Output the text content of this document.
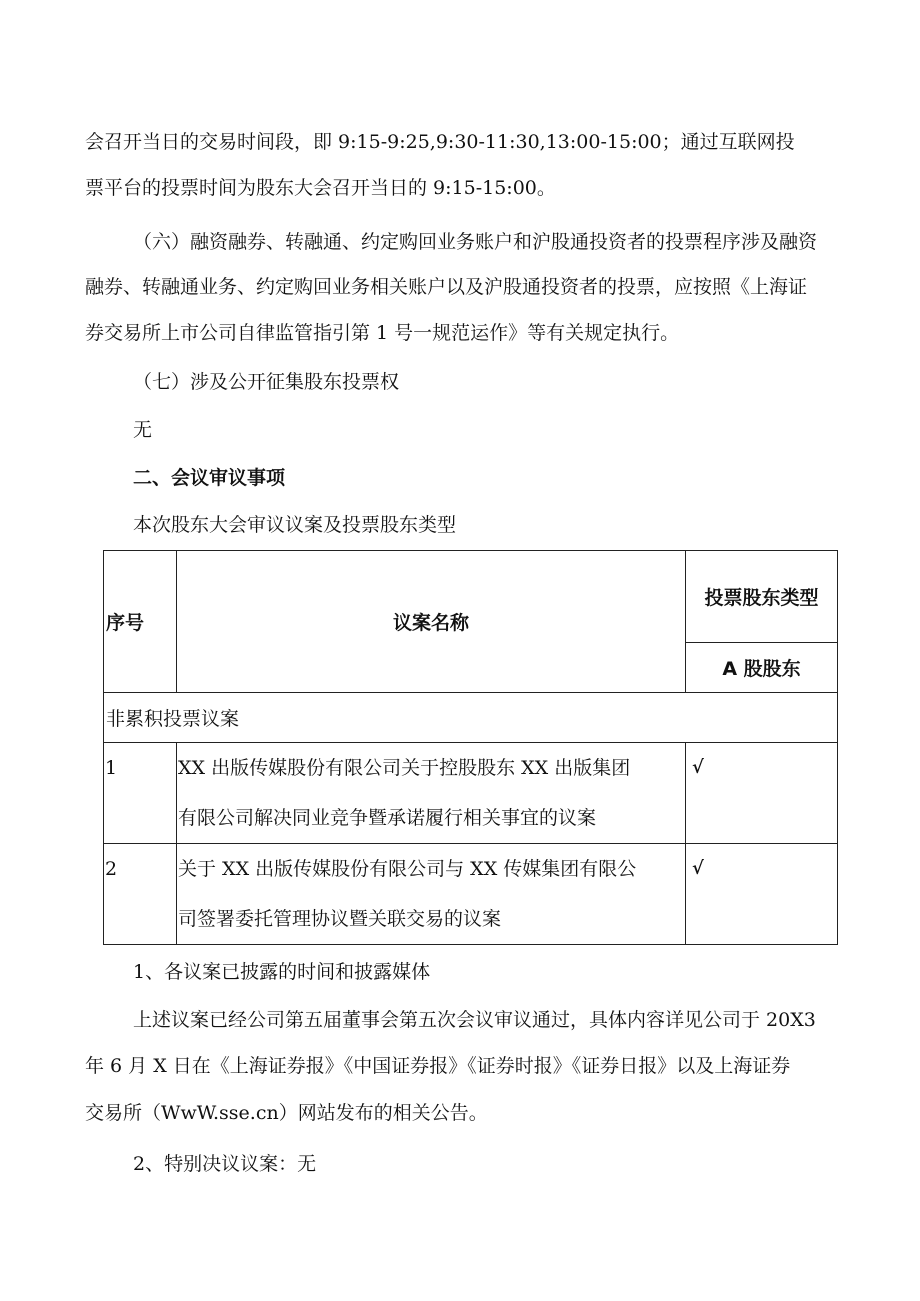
会召开当日的交易时间段，即 9:15-9:25,9:30-11:30,13:00-15:00；通过互联网投
票平台的投票时间为股东大会召开当日的 9:15-15:00。
（六）融资融券、转融通、约定购回业务账户和沪股通投资者的投票程序涉及融资
融券、转融通业务、约定购回业务相关账户以及沪股通投资者的投票，应按照《上海证
券交易所上市公司自律监管指引第 1 号一规范运作》等有关规定执行。
（七）涉及公开征集股东投票权
无
二、会议审议事项
本次股东大会审议议案及投票股东类型
序号	议案名称	投票股东类型
		A 股股东
非累积投票议案		
1	XX 出版传媒股份有限公司关于控股股东 XX 出版集团
有限公司解决同业竞争暨承诺履行相关事宜的议案	√
2	关于 XX 出版传媒股份有限公司与 XX 传媒集团有限公
司签署委托管理协议暨关联交易的议案	√
1、各议案已披露的时间和披露媒体
上述议案已经公司第五届董事会第五次会议审议通过，具体内容详见公司于 20X3
年 6 月 X 日在《上海证券报》《中国证券报》《证券时报》《证券日报》以及上海证券
交易所（WwW.sse.cn）网站发布的相关公告。
2、特别决议议案：无
